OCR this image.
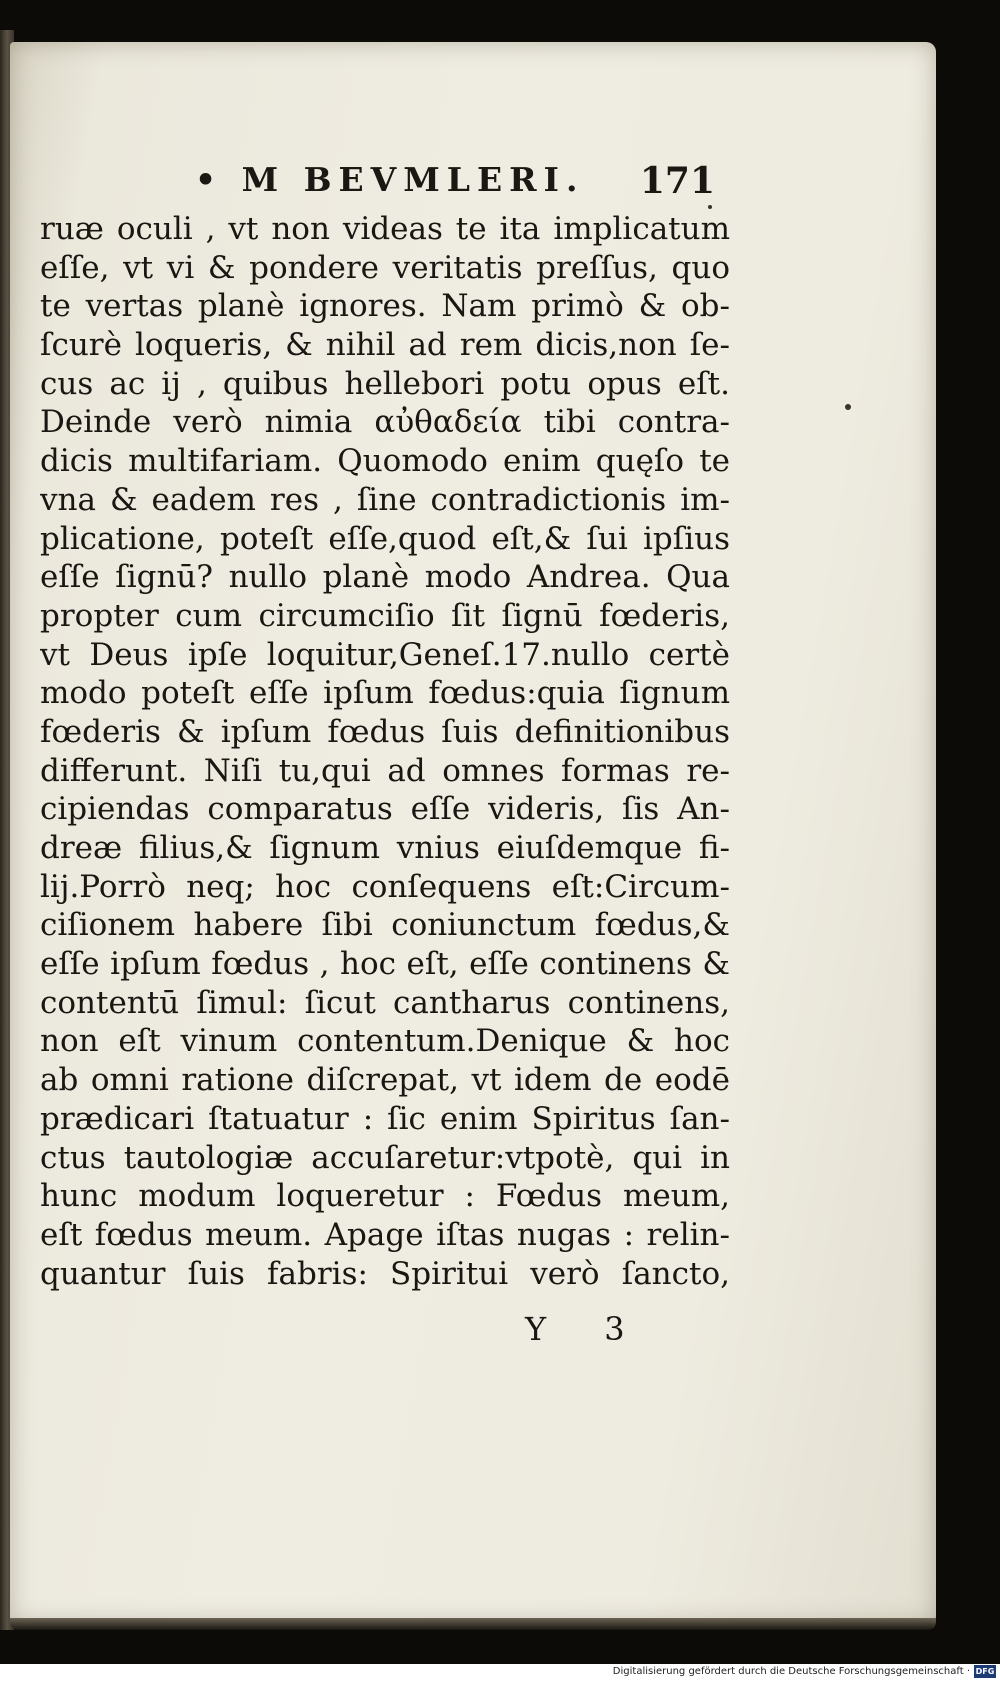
• M BEVMLERI. 171
ruæ oculi , vt non videas te ita implicatum
eſſe, vt vi & pondere veritatis preſſus, quo
te vertas planè ignores. Nam primò & ob-
ſcurè loqueris, & nihil ad rem dicis,non ſe-
cus ac ij , quibus hellebori potu opus eſt.
Deinde verò nimia αὐθαδεία tibi contra-
dicis multifariam. Quomodo enim quęſo te
vna & eadem res , ſine contradictionis im-
plicatione, poteſt eſſe,quod eſt,& ſui ipſius
eſſe ſignū? nullo planè modo Andrea. Qua
propter cum circumciſio ſit ſignū fœderis,
vt Deus ipſe loquitur,Geneſ.17.nullo certè
modo poteſt eſſe ipſum fœdus:quia ſignum
fœderis & ipſum fœdus ſuis definitionibus
differunt. Niſi tu,qui ad omnes formas re-
cipiendas comparatus eſſe videris, ſis An-
dreæ filius,& ſignum vnius eiuſdemque fi-
lij.Porrò neq; hoc conſequens eſt:Circum-
ciſionem habere ſibi coniunctum fœdus,&
eſſe ipſum fœdus , hoc eſt, eſſe continens &
contentū ſimul: ſicut cantharus continens,
non eſt vinum contentum.Denique & hoc
ab omni ratione diſcrepat, vt idem de eodē
prædicari ſtatuatur : ſic enim Spiritus ſan-
ctus tautologiæ accuſaretur:vtpotè, qui in
hunc modum loqueretur : Fœdus meum,
eſt fœdus meum. Apage iſtas nugas : relin-
quantur ſuis fabris: Spiritui verò ſancto,
Y 3
Digitalisierung gefördert durch die Deutsche Forschungsgemeinschaft · DFG
